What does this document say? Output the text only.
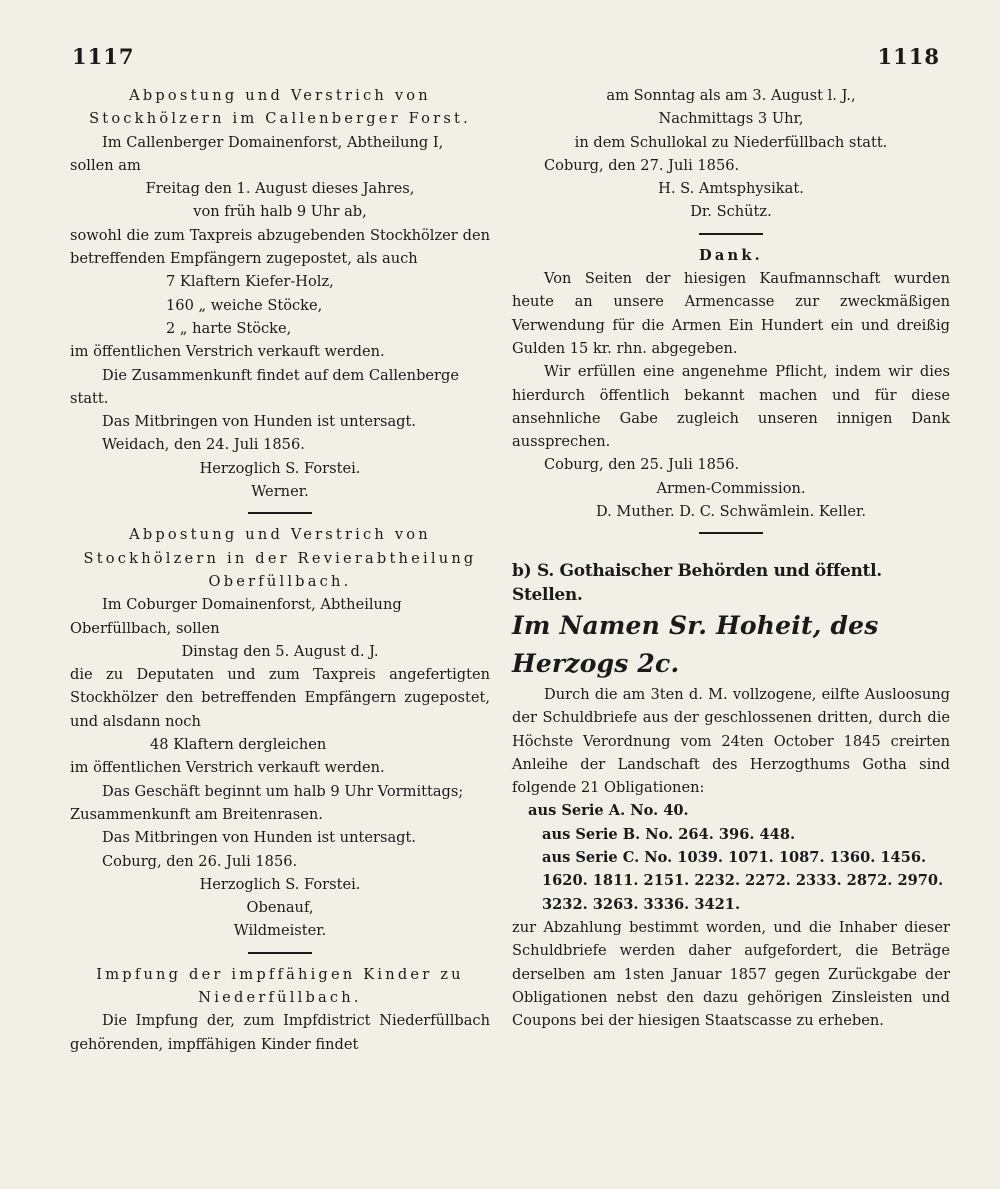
1117	1118

Abpostung und Verstrich von Stockhölzern im Callenberger Forst.

Im Callenberger Domainenforst, Abtheilung I, sollen am

Freitag den 1. August dieses Jahres,

von früh halb 9 Uhr ab,

sowohl die zum Taxpreis abzugebenden Stockhölzer den betreffenden Empfängern zugepostet, als auch

7 Klaftern Kiefer-Holz,

160 „ weiche Stöcke,

2 „ harte Stöcke,

im öffentlichen Verstrich verkauft werden.

Die Zusammenkunft findet auf dem Callenberge statt.

Das Mitbringen von Hunden ist untersagt.

Weidach, den 24. Juli 1856.

Herzoglich S. Forstei.

Werner.

Abpostung und Verstrich von Stockhölzern in der Revierabtheilung Oberfüllbach.

Im Coburger Domainenforst, Abtheilung Oberfüllbach, sollen

Dinstag den 5. August d. J.

die zu Deputaten und zum Taxpreis angefertigten Stockhölzer den betreffenden Empfängern zugepostet, und alsdann noch

48 Klaftern dergleichen

im öffentlichen Verstrich verkauft werden.

Das Geschäft beginnt um halb 9 Uhr Vormittags; Zusammenkunft am Breitenrasen.

Das Mitbringen von Hunden ist untersagt.

Coburg, den 26. Juli 1856.

Herzoglich S. Forstei.

Obenauf,

Wildmeister.

Impfung der impffähigen Kinder zu Niederfüllbach.

Die Impfung der, zum Impfdistrict Niederfüllbach gehörenden, impffähigen Kinder findet

am Sonntag als am 3. August l. J.,

Nachmittags 3 Uhr,

in dem Schullokal zu Niederfüllbach statt.

Coburg, den 27. Juli 1856.

H. S. Amtsphysikat.

Dr. Schütz.

Dank.

Von Seiten der hiesigen Kaufmannschaft wurden heute an unsere Armencasse zur zweckmäßigen Verwendung für die Armen Ein Hundert ein und dreißig Gulden 15 kr. rhn. abgegeben.

Wir erfüllen eine angenehme Pflicht, indem wir dies hierdurch öffentlich bekannt machen und für diese ansehnliche Gabe zugleich unseren innigen Dank aussprechen.

Coburg, den 25. Juli 1856.

Armen-Commission.

D. Muther. D. C. Schwämlein. Keller.

b) S. Gothaischer Behörden und öffentl. Stellen.

Im Namen Sr. Hoheit, des Herzogs 2c.

Durch die am 3ten d. M. vollzogene, eilfte Ausloosung der Schuldbriefe aus der geschlossenen dritten, durch die Höchste Verordnung vom 24ten October 1845 creirten Anleihe der Landschaft des Herzogthums Gotha sind folgende 21 Obligationen:

aus Serie A. No. 40.

aus Serie B. No. 264. 396. 448.

aus Serie C. No. 1039. 1071. 1087. 1360. 1456. 1620. 1811. 2151. 2232. 2272. 2333. 2872. 2970. 3232. 3263. 3336. 3421.

zur Abzahlung bestimmt worden, und die Inhaber dieser Schuldbriefe werden daher aufgefordert, die Beträge derselben am 1sten Januar 1857 gegen Zurückgabe der Obligationen nebst den dazu gehörigen Zinsleisten und Coupons bei der hiesigen Staatscasse zu erheben.
